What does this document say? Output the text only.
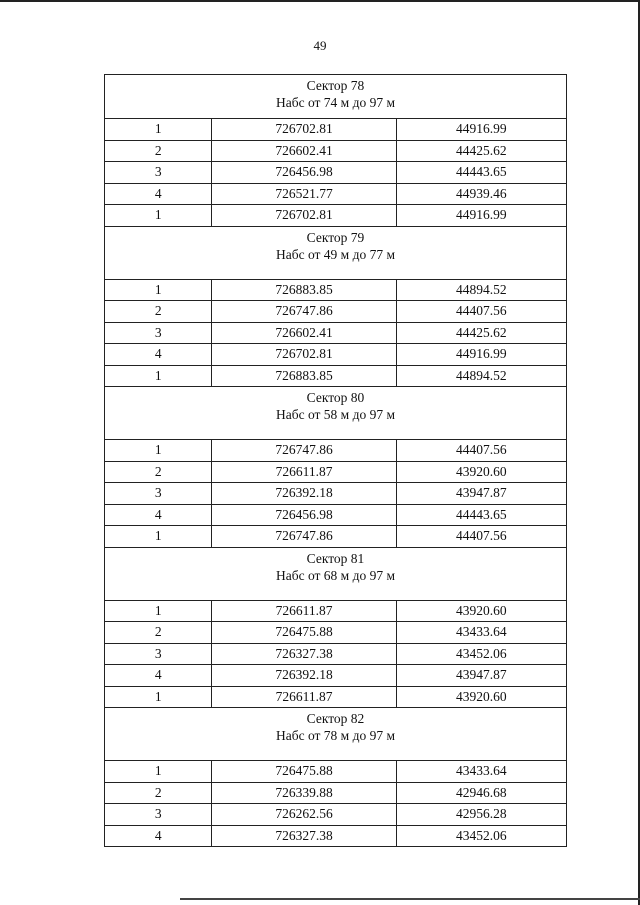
49
Сектор 78
Набс от 74 м до 97 м		

1	726702.81	44916.99
2	726602.41	44425.62
3	726456.98	44443.65
4	726521.77	44939.46
1	726702.81	44916.99

Сектор 79
Набс от 49 м до 77 м		

1	726883.85	44894.52
2	726747.86	44407.56
3	726602.41	44425.62
4	726702.81	44916.99
1	726883.85	44894.52

Сектор 80
Набс от 58 м до 97 м		

1	726747.86	44407.56
2	726611.87	43920.60
3	726392.18	43947.87
4	726456.98	44443.65
1	726747.86	44407.56

Сектор 81
Набс от 68 м до 97 м		

1	726611.87	43920.60
2	726475.88	43433.64
3	726327.38	43452.06
4	726392.18	43947.87
1	726611.87	43920.60

Сектор 82
Набс от 78 м до 97 м		

1	726475.88	43433.64
2	726339.88	42946.68
3	726262.56	42956.28
4	726327.38	43452.06
